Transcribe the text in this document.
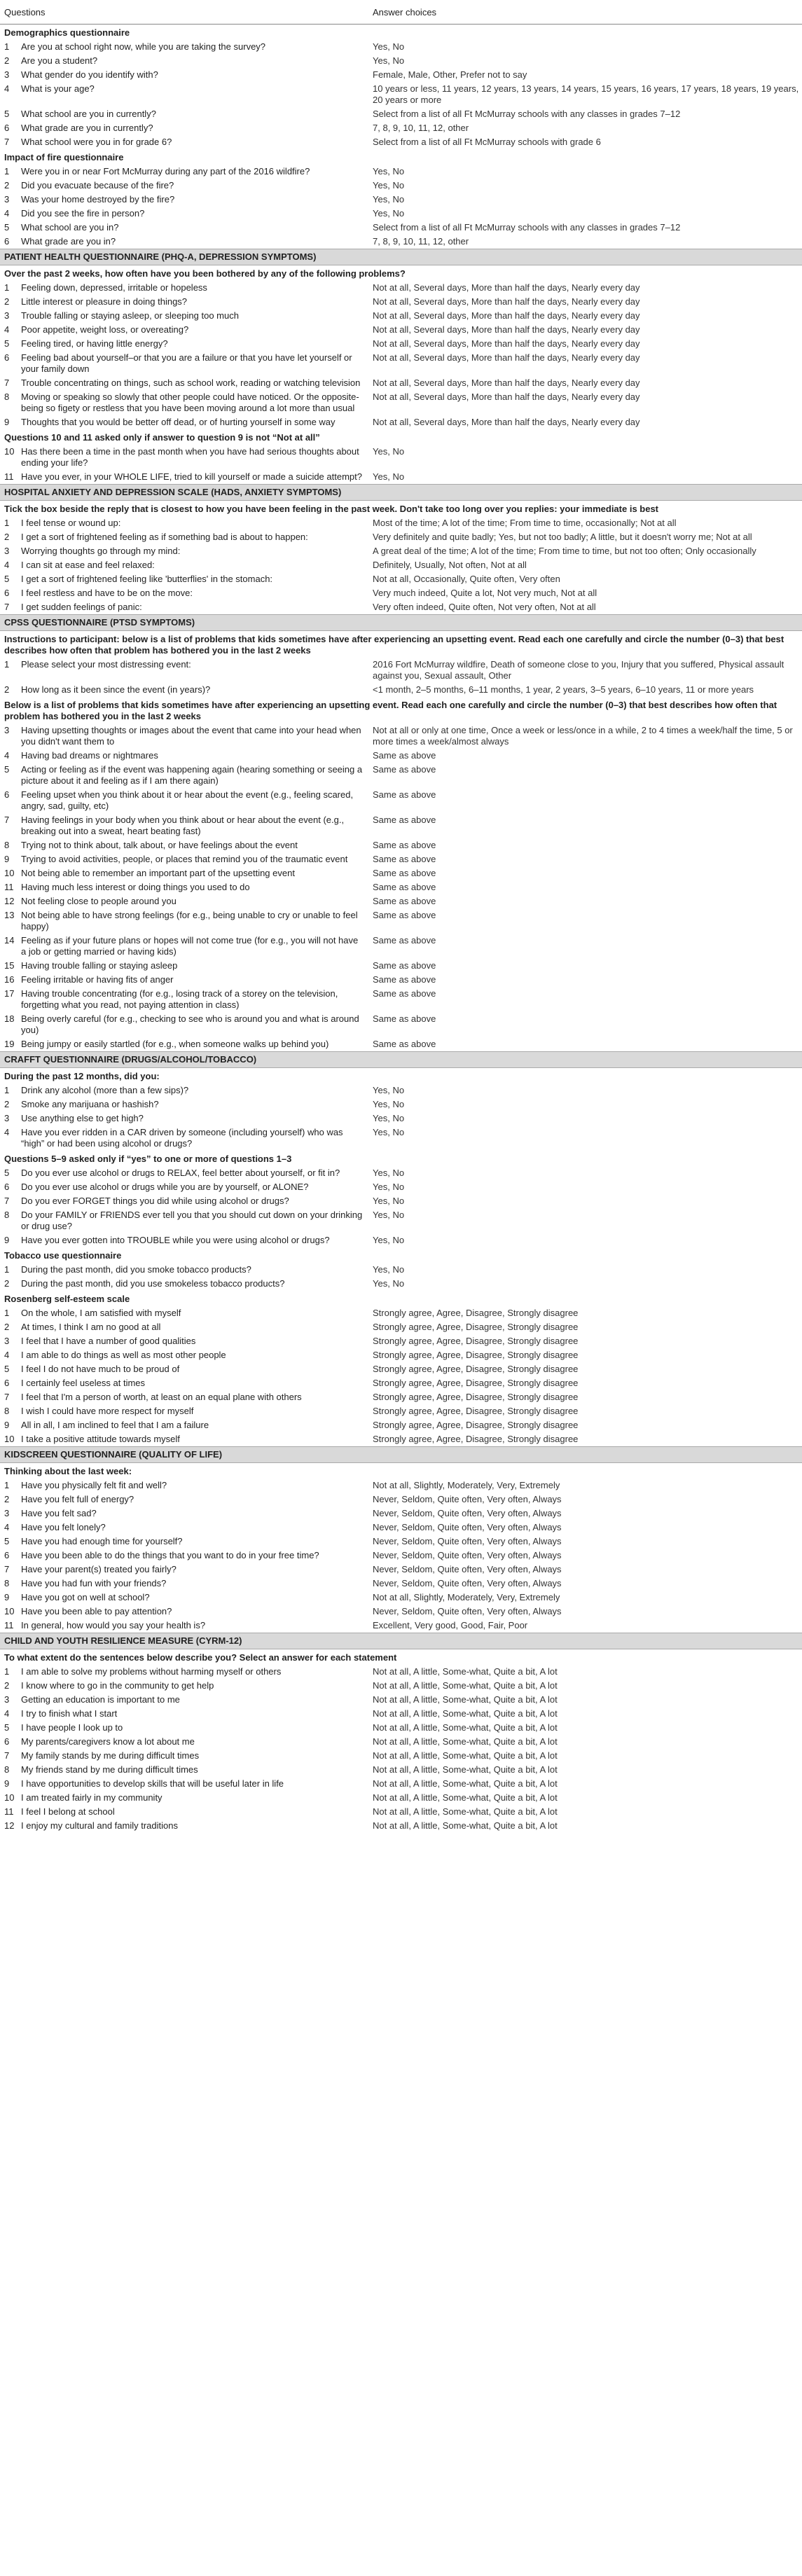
Questions		Answer choices
Demographics questionnaire		
1	Are you at school right now, while you are taking the survey?	Yes, No
2	Are you a student?	Yes, No
3	What gender do you identify with?	Female, Male, Other, Prefer not to say
4	What is your age?	10 years or less, 11 years, 12 years, 13 years, 14 years, 15 years, 16 years, 17 years, 18 years, 19 years, 20 years or more
5	What school are you in currently?	Select from a list of all Ft McMurray schools with any classes in grades 7–12
6	What grade are you in currently?	7, 8, 9, 10, 11, 12, other
7	What school were you in for grade 6?	Select from a list of all Ft McMurray schools with grade 6
Impact of fire questionnaire		
1	Were you in or near Fort McMurray during any part of the 2016 wildfire?	Yes, No
2	Did you evacuate because of the fire?	Yes, No
3	Was your home destroyed by the fire?	Yes, No
4	Did you see the fire in person?	Yes, No
5	What school are you in?	Select from a list of all Ft McMurray schools with any classes in grades 7–12
6	What grade are you in?	7, 8, 9, 10, 11, 12, other
PATIENT HEALTH QUESTIONNAIRE (PHQ-A, DEPRESSION SYMPTOMS)		
Over the past 2 weeks, how often have you been bothered by any of the following problems?		
1	Feeling down, depressed, irritable or hopeless	Not at all, Several days, More than half the days, Nearly every day
2	Little interest or pleasure in doing things?	Not at all, Several days, More than half the days, Nearly every day
3	Trouble falling or staying asleep, or sleeping too much	Not at all, Several days, More than half the days, Nearly every day
4	Poor appetite, weight loss, or overeating?	Not at all, Several days, More than half the days, Nearly every day
5	Feeling tired, or having little energy?	Not at all, Several days, More than half the days, Nearly every day
6	Feeling bad about yourself–or that you are a failure or that you have let yourself or your family down	Not at all, Several days, More than half the days, Nearly every day
7	Trouble concentrating on things, such as school work, reading or watching television	Not at all, Several days, More than half the days, Nearly every day
8	Moving or speaking so slowly that other people could have noticed. Or the opposite-being so figety or restless that you have been moving around a lot more than usual	Not at all, Several days, More than half the days, Nearly every day
9	Thoughts that you would be better off dead, or of hurting yourself in some way	Not at all, Several days, More than half the days, Nearly every day
Questions 10 and 11 asked only if answer to question 9 is not “Not at all”		
10	Has there been a time in the past month when you have had serious thoughts about ending your life?	Yes, No
11	Have you ever, in your WHOLE LIFE, tried to kill yourself or made a suicide attempt?	Yes, No
HOSPITAL ANXIETY AND DEPRESSION SCALE (HADS, ANXIETY SYMPTOMS)		
Tick the box beside the reply that is closest to how you have been feeling in the past week. Don't take too long over you replies: your immediate is best		
1	I feel tense or wound up:	Most of the time; A lot of the time; From time to time, occasionally; Not at all
2	I get a sort of frightened feeling as if something bad is about to happen:	Very definitely and quite badly; Yes, but not too badly; A little, but it doesn't worry me; Not at all
3	Worrying thoughts go through my mind:	A great deal of the time; A lot of the time; From time to time, but not too often; Only occasionally
4	I can sit at ease and feel relaxed:	Definitely, Usually, Not often, Not at all
5	I get a sort of frightened feeling like 'butterflies' in the stomach:	Not at all, Occasionally, Quite often, Very often
6	I feel restless and have to be on the move:	Very much indeed, Quite a lot, Not very much, Not at all
7	I get sudden feelings of panic:	Very often indeed, Quite often, Not very often, Not at all
CPSS QUESTIONNAIRE (PTSD SYMPTOMS)		
Instructions to participant: below is a list of problems that kids sometimes have after experiencing an upsetting event. Read each one carefully and circle the number (0–3) that best describes how often that problem has bothered you in the last 2 weeks		
1	Please select your most distressing event:	2016 Fort McMurray wildfire, Death of someone close to you, Injury that you suffered, Physical assault against you, Sexual assault, Other
2	How long as it been since the event (in years)?	<1 month, 2–5 months, 6–11 months, 1 year, 2 years, 3–5 years, 6–10 years, 11 or more years
Below is a list of problems that kids sometimes have after experiencing an upsetting event. Read each one carefully and circle the number (0–3) that best describes how often that problem has bothered you in the last 2 weeks		
3	Having upsetting thoughts or images about the event that came into your head when you didn't want them to	Not at all or only at one time, Once a week or less/once in a while, 2 to 4 times a week/half the time, 5 or more times a week/almost always
4	Having bad dreams or nightmares	Same as above
5	Acting or feeling as if the event was happening again (hearing something or seeing a picture about it and feeling as if I am there again)	Same as above
6	Feeling upset when you think about it or hear about the event (e.g., feeling scared, angry, sad, guilty, etc)	Same as above
7	Having feelings in your body when you think about or hear about the event (e.g., breaking out into a sweat, heart beating fast)	Same as above
8	Trying not to think about, talk about, or have feelings about the event	Same as above
9	Trying to avoid activities, people, or places that remind you of the traumatic event	Same as above
10	Not being able to remember an important part of the upsetting event	Same as above
11	Having much less interest or doing things you used to do	Same as above
12	Not feeling close to people around you	Same as above
13	Not being able to have strong feelings (for e.g., being unable to cry or unable to feel happy)	Same as above
14	Feeling as if your future plans or hopes will not come true (for e.g., you will not have a job or getting married or having kids)	Same as above
15	Having trouble falling or staying asleep	Same as above
16	Feeling irritable or having fits of anger	Same as above
17	Having trouble concentrating (for e.g., losing track of a storey on the television, forgetting what you read, not paying attention in class)	Same as above
18	Being overly careful (for e.g., checking to see who is around you and what is around you)	Same as above
19	Being jumpy or easily startled (for e.g., when someone walks up behind you)	Same as above
CRAFFT QUESTIONNAIRE (DRUGS/ALCOHOL/TOBACCO)		
During the past 12 months, did you:		
1	Drink any alcohol (more than a few sips)?	Yes, No
2	Smoke any marijuana or hashish?	Yes, No
3	Use anything else to get high?	Yes, No
4	Have you ever ridden in a CAR driven by someone (including yourself) who was “high” or had been using alcohol or drugs?	Yes, No
Questions 5–9 asked only if “yes” to one or more of questions 1–3		
5	Do you ever use alcohol or drugs to RELAX, feel better about yourself, or fit in?	Yes, No
6	Do you ever use alcohol or drugs while you are by yourself, or ALONE?	Yes, No
7	Do you ever FORGET things you did while using alcohol or drugs?	Yes, No
8	Do your FAMILY or FRIENDS ever tell you that you should cut down on your drinking or drug use?	Yes, No
9	Have you ever gotten into TROUBLE while you were using alcohol or drugs?	Yes, No
Tobacco use questionnaire		
1	During the past month, did you smoke tobacco products?	Yes, No
2	During the past month, did you use smokeless tobacco products?	Yes, No
Rosenberg self-esteem scale		
1	On the whole, I am satisfied with myself	Strongly agree, Agree, Disagree, Strongly disagree
2	At times, I think I am no good at all	Strongly agree, Agree, Disagree, Strongly disagree
3	I feel that I have a number of good qualities	Strongly agree, Agree, Disagree, Strongly disagree
4	I am able to do things as well as most other people	Strongly agree, Agree, Disagree, Strongly disagree
5	I feel I do not have much to be proud of	Strongly agree, Agree, Disagree, Strongly disagree
6	I certainly feel useless at times	Strongly agree, Agree, Disagree, Strongly disagree
7	I feel that I'm a person of worth, at least on an equal plane with others	Strongly agree, Agree, Disagree, Strongly disagree
8	I wish I could have more respect for myself	Strongly agree, Agree, Disagree, Strongly disagree
9	All in all, I am inclined to feel that I am a failure	Strongly agree, Agree, Disagree, Strongly disagree
10	I take a positive attitude towards myself	Strongly agree, Agree, Disagree, Strongly disagree
KIDSCREEN QUESTIONNAIRE (QUALITY OF LIFE)		
Thinking about the last week:		
1	Have you physically felt fit and well?	Not at all, Slightly, Moderately, Very, Extremely
2	Have you felt full of energy?	Never, Seldom, Quite often, Very often, Always
3	Have you felt sad?	Never, Seldom, Quite often, Very often, Always
4	Have you felt lonely?	Never, Seldom, Quite often, Very often, Always
5	Have you had enough time for yourself?	Never, Seldom, Quite often, Very often, Always
6	Have you been able to do the things that you want to do in your free time?	Never, Seldom, Quite often, Very often, Always
7	Have your parent(s) treated you fairly?	Never, Seldom, Quite often, Very often, Always
8	Have you had fun with your friends?	Never, Seldom, Quite often, Very often, Always
9	Have you got on well at school?	Not at all, Slightly, Moderately, Very, Extremely
10	Have you been able to pay attention?	Never, Seldom, Quite often, Very often, Always
11	In general, how would you say your health is?	Excellent, Very good, Good, Fair, Poor
CHILD AND YOUTH RESILIENCE MEASURE (CYRM-12)		
To what extent do the sentences below describe you? Select an answer for each statement		
1	I am able to solve my problems without harming myself or others	Not at all, A little, Some-what, Quite a bit, A lot
2	I know where to go in the community to get help	Not at all, A little, Some-what, Quite a bit, A lot
3	Getting an education is important to me	Not at all, A little, Some-what, Quite a bit, A lot
4	I try to finish what I start	Not at all, A little, Some-what, Quite a bit, A lot
5	I have people I look up to	Not at all, A little, Some-what, Quite a bit, A lot
6	My parents/caregivers know a lot about me	Not at all, A little, Some-what, Quite a bit, A lot
7	My family stands by me during difficult times	Not at all, A little, Some-what, Quite a bit, A lot
8	My friends stand by me during difficult times	Not at all, A little, Some-what, Quite a bit, A lot
9	I have opportunities to develop skills that will be useful later in life	Not at all, A little, Some-what, Quite a bit, A lot
10	I am treated fairly in my community	Not at all, A little, Some-what, Quite a bit, A lot
11	I feel I belong at school	Not at all, A little, Some-what, Quite a bit, A lot
12	I enjoy my cultural and family traditions	Not at all, A little, Some-what, Quite a bit, A lot
